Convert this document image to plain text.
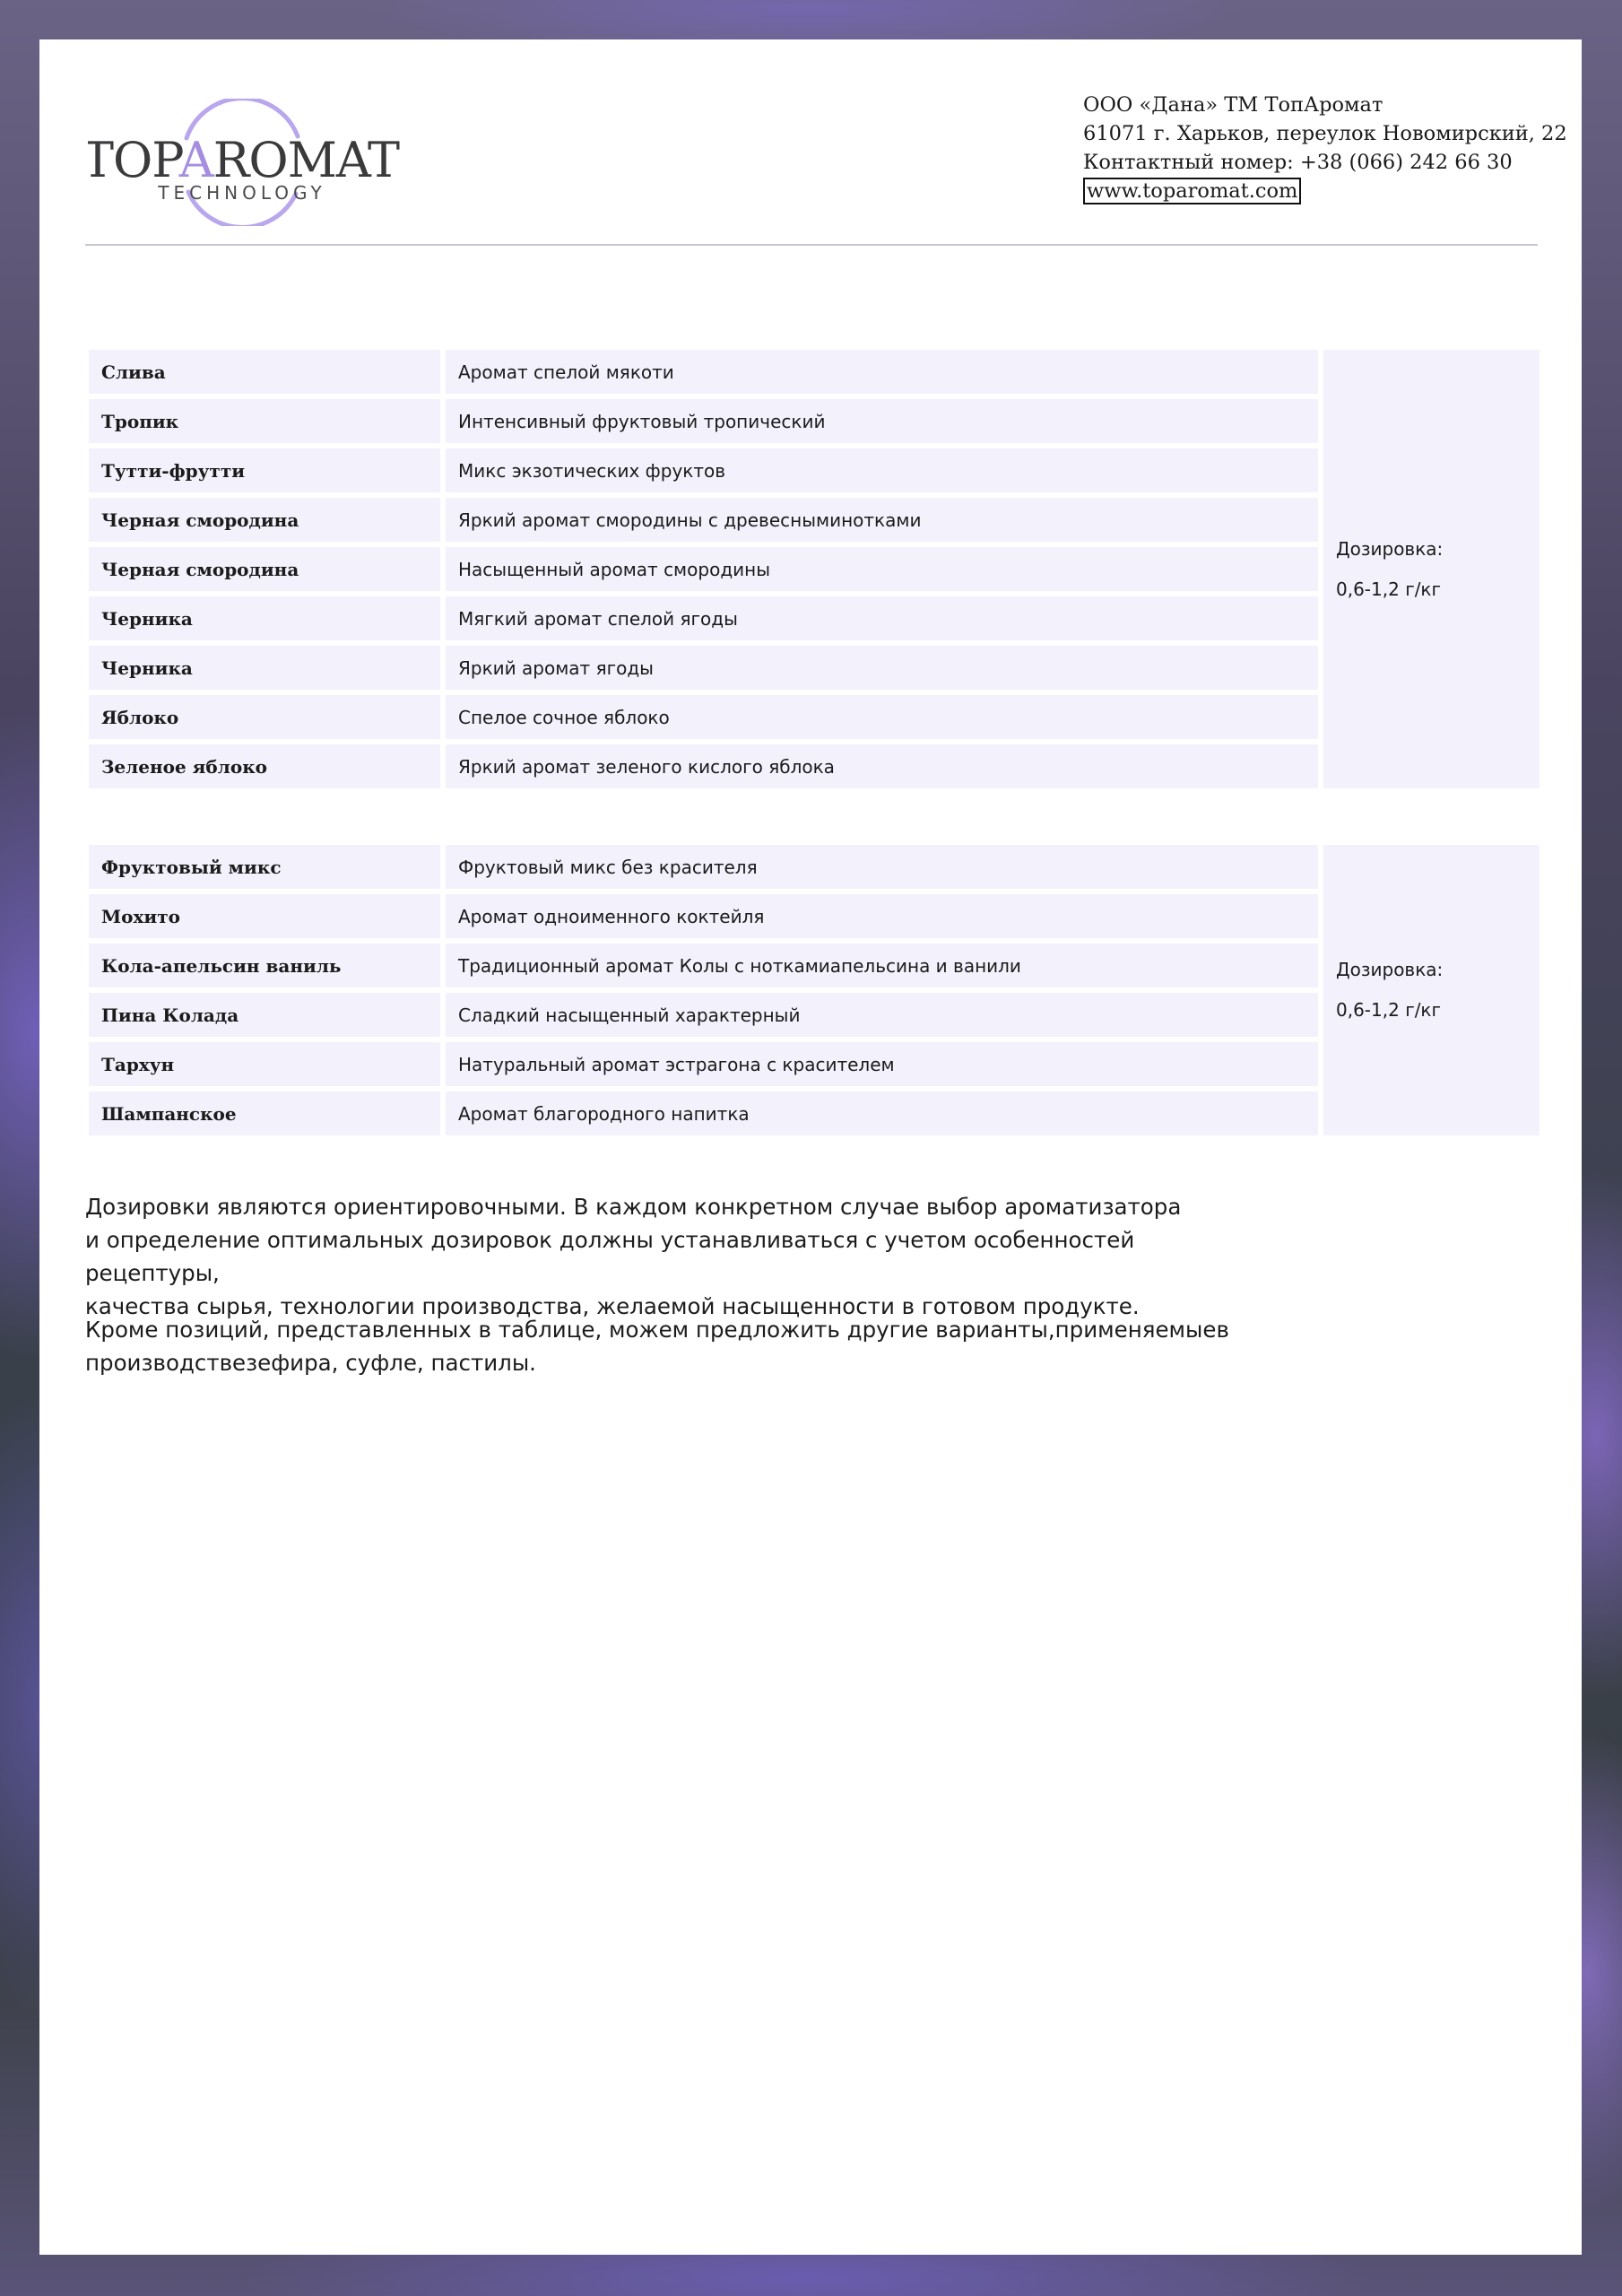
TOPAROMAT
TECHNOLOGY
ООО «Дана» ТМ ТопАромат
61071 г. Харьков, переулок Новомирский, 22
Контактный номер: +38 (066) 242 66 30
www.toparomat.com
Слива	Аромат спелой мякоти	Дозировка:
0,6-1,2 г/кг

Тропик	Интенсивный фруктовый тропический	
Тутти-фрутти	Микс экзотических фруктов	
Черная смородина	Яркий аромат смородины с древесныминотками	
Черная смородина	Насыщенный аромат смородины	
Черника	Мягкий аромат спелой ягоды	
Черника	Яркий аромат ягоды	
Яблоко	Спелое сочное яблоко	
Зеленое яблоко	Яркий аромат зеленого кислого яблока	
Фруктовый микс	Фруктовый микс без красителя	Дозировка:
0,6-1,2 г/кг

Мохито	Аромат одноименного коктейля	
Кола-апельсин ваниль	Традиционный аромат Колы с ноткамиапельсина и ванили	
Пина Колада	Сладкий насыщенный характерный	
Тархун	Натуральный аромат эстрагона с красителем	
Шампанское	Аромат благородного напитка	

Дозировки являются ориентировочными. В каждом конкретном случае выбор ароматизатора

и определение оптимальных дозировок должны устанавливаться с учетом особенностей рецептуры,

качества сырья, технологии производства, желаемой насыщенности в готовом продукте.

Кроме позиций, представленных в таблице, можем предложить другие варианты,применяемыев

производствезефира, суфле, пастилы.
